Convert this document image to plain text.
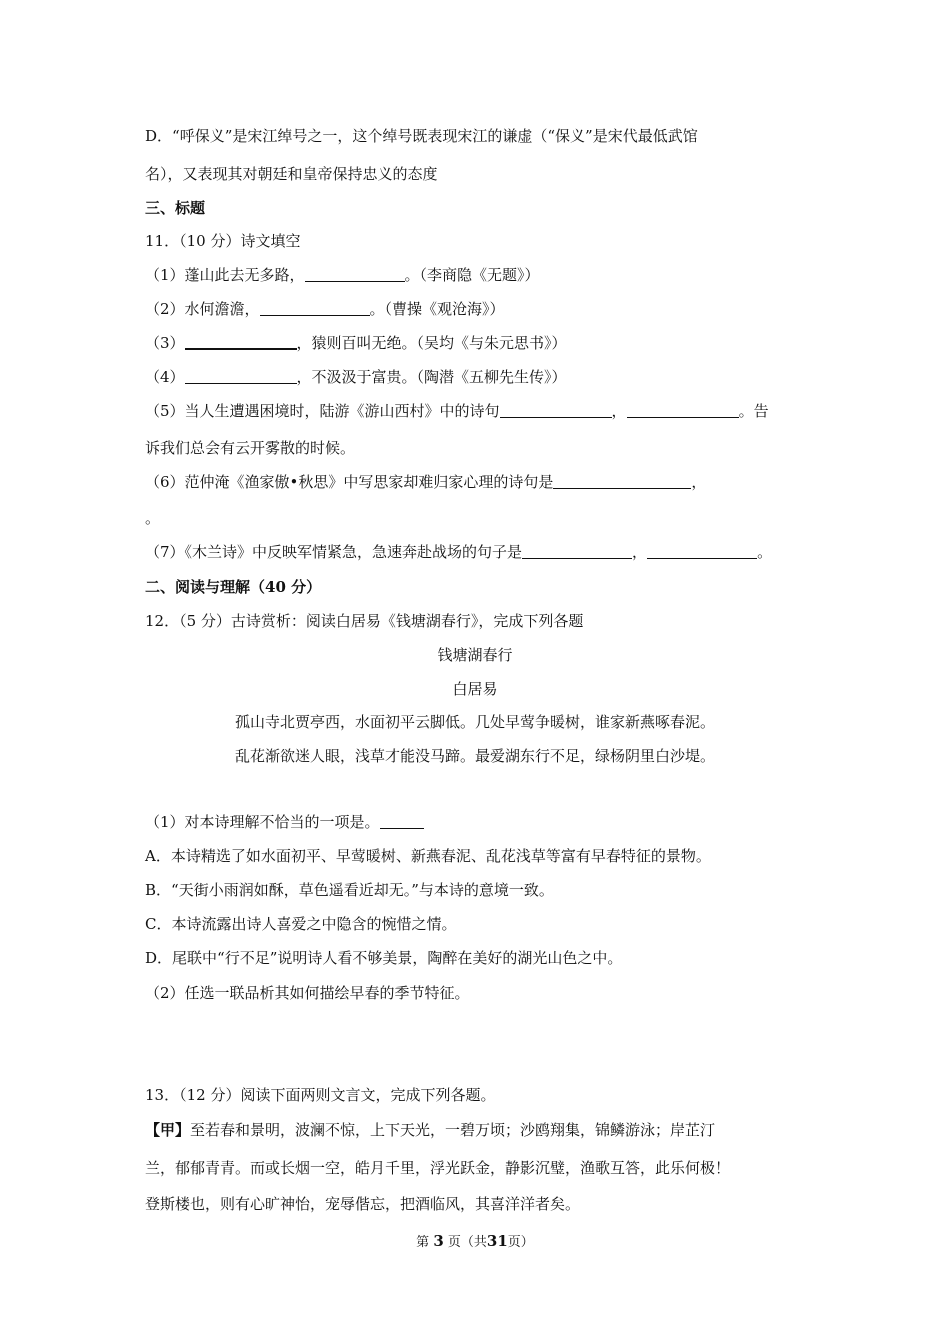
D．“呼保义”是宋江绰号之一，这个绰号既表现宋江的谦虚（“保义”是宋代最低武馆
名），又表现其对朝廷和皇帝保持忠义的态度
三、标题
11．（10 分）诗文填空
（1）蓬山此去无多路，	。（李商隐《无题》）
（2）水何澹澹，	。（曹操《观沧海》）
（3）	，猿则百叫无绝。（吴均《与朱元思书》）
（4）	，不汲汲于富贵。（陶潜《五柳先生传》）
（5）当人生遭遇困境时，陆游《游山西村》中的诗句	，	。告
诉我们总会有云开雾散的时候。
（6）范仲淹《渔家傲•秋思》中写思家却难归家心理的诗句是	，
。
（7）《木兰诗》中反映军情紧急，急速奔赴战场的句子是	，	。
二、阅读与理解（40 分）
12．（5 分）古诗赏析：阅读白居易《钱塘湖春行》，完成下列各题
钱塘湖春行
白居易
孤山寺北贾亭西，水面初平云脚低。几处早莺争暖树，谁家新燕啄春泥。
乱花渐欲迷人眼，浅草才能没马蹄。最爱湖东行不足，绿杨阴里白沙堤。
（1）对本诗理解不恰当的一项是。
A．本诗精选了如水面初平、早莺暖树、新燕春泥、乱花浅草等富有早春特征的景物。
B．“天街小雨润如酥，草色遥看近却无。”与本诗的意境一致。
C．本诗流露出诗人喜爱之中隐含的惋惜之情。
D．尾联中“行不足”说明诗人看不够美景，陶醉在美好的湖光山色之中。
（2）任选一联品析其如何描绘早春的季节特征。
13．（12 分）阅读下面两则文言文，完成下列各题。
【甲】至若春和景明，波澜不惊，上下天光，一碧万顷；沙鸥翔集，锦鳞游泳；岸芷汀
兰，郁郁青青。而或长烟一空，皓月千里，浮光跃金，静影沉璧，渔歌互答，此乐何极！
登斯楼也，则有心旷神怡，宠辱偕忘，把酒临风，其喜洋洋者矣。
第 3 页（共31页）
